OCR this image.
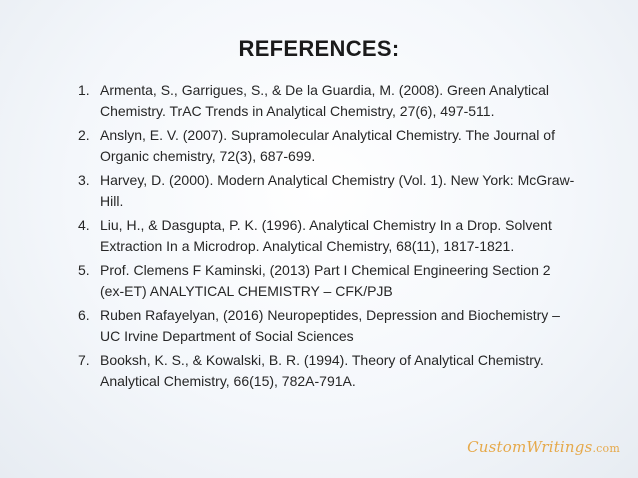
REFERENCES:
1. Armenta, S., Garrigues, S., & De la Guardia, M. (2008). Green Analytical Chemistry. TrAC Trends in Analytical Chemistry, 27(6), 497-511.
2. Anslyn, E. V. (2007). Supramolecular Analytical Chemistry. The Journal of Organic chemistry, 72(3), 687-699.
3. Harvey, D. (2000). Modern Analytical Chemistry (Vol. 1). New York: McGraw-Hill.
4. Liu, H., & Dasgupta, P. K. (1996). Analytical Chemistry In a Drop. Solvent Extraction In a Microdrop. Analytical Chemistry, 68(11), 1817-1821.
5. Prof. Clemens F Kaminski, (2013) Part I Chemical Engineering Section 2 (ex-ET) ANALYTICAL CHEMISTRY – CFK/PJB
6. Ruben Rafayelyan, (2016) Neuropeptides, Depression and Biochemistry – UC Irvine Department of Social Sciences
7. Booksh, K. S., & Kowalski, B. R. (1994). Theory of Analytical Chemistry. Analytical Chemistry, 66(15), 782A-791A.
CustomWritings.com
